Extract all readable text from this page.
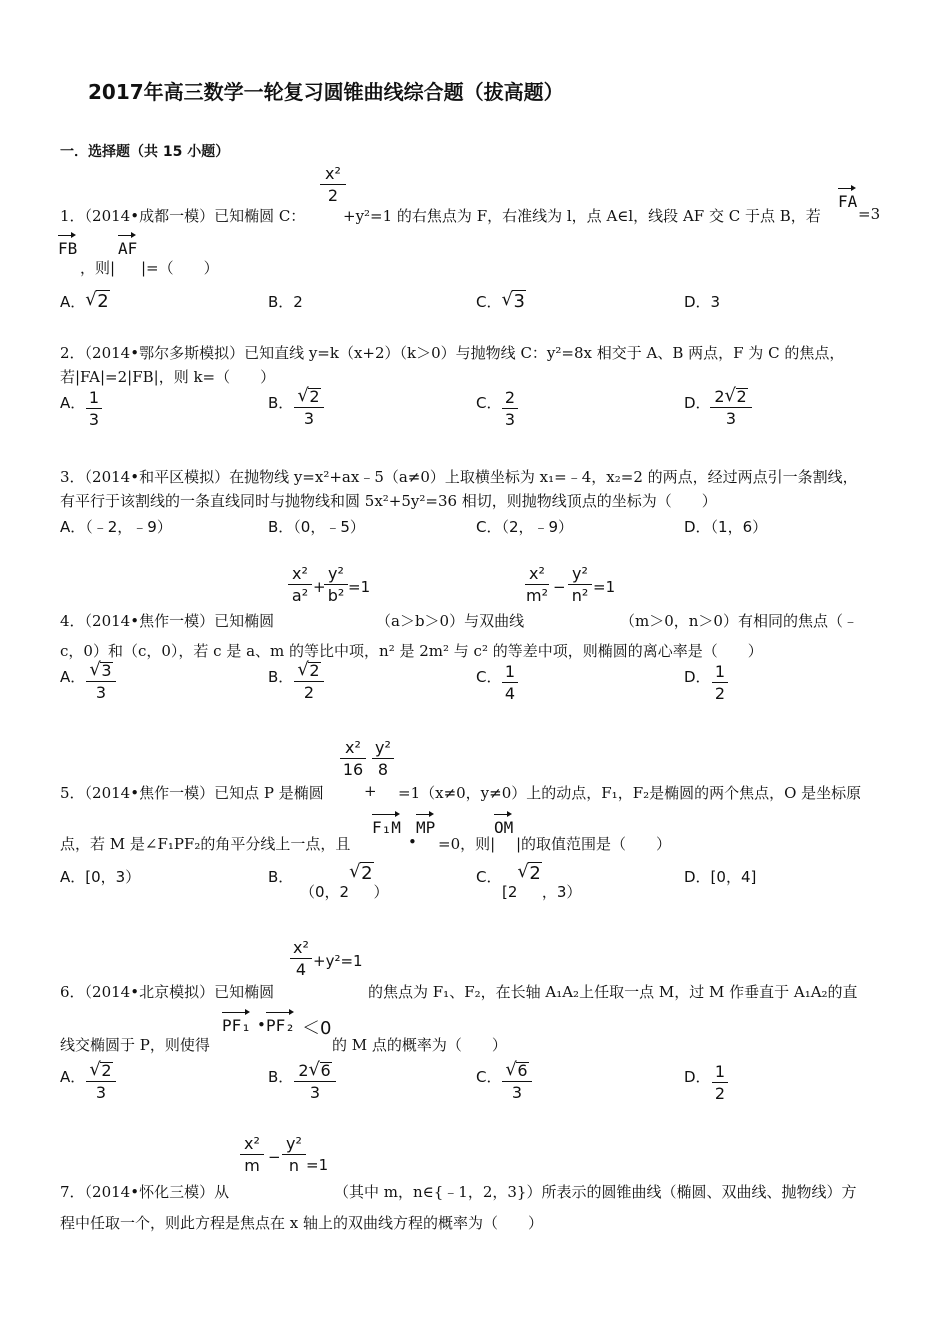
2017年高三数学一轮复习圆锥曲线综合题（拔高题）
一．选择题（共 15 小题）
$\frac{\text{x²}}{2}$
1．（2014•成都一模）已知椭圆 C：	+y²=1 的右焦点为 F，右准线为 l，点 A∈l，线段 AF 交 C 于点 B，若
FA
=3
FB
，则|
AF
|=（　　）
A． √ 2	B．2	C． √ 3	D．3
2．（2014•鄂尔多斯模拟）已知直线 y=k（x+2）（k＞0）与抛物线 C：y²=8x 相交于 A、B 两点，F 为 C 的焦点，
若|FA|=2|FB|，则 k=（　　）
A． $\frac{1}{3}$	B． √ $\frac{2}{3}$	C． $\frac{2}{3}$	D． $\frac{2 √ 2}{3}$
3．（2014•和平区模拟）在抛物线 y=x²+ax﹣5（a≠0）上取横坐标为 x₁=﹣4，x₂=2 的两点，经过两点引一条割线，
有平行于该割线的一条直线同时与抛物线和圆 5x²+5y²=36 相切，则抛物线顶点的坐标为（　　）
A．（﹣2，﹣9）	B．（0，﹣5）	C．（2，﹣9）	D．（1，6）
$\frac{\text{x²}}{\text{a²}}$ +
$\frac{\text{y²}}{\text{b²}} =1$	$\frac{\text{x²}}{\text{m²}} - \frac{\text{y²}}{\text{n²}} =1$
4．（2014•焦作一模）已知椭圆	（a＞b＞0）与双曲线	（m＞0，n＞0）有相同的焦点（﹣
c，0）和（c，0），若 c 是 a、m 的等比中项，n² 是 2m² 与 c² 的等差中项，则椭圆的离心率是（　　）
A． √ $\frac{3}{3}$	B． √ $\frac{2}{2}$	C． $\frac{1}{4}$	D． $\frac{1}{2}$
$\frac{\text{x²}}{16} \frac{\text{y²}}{8}$
5．（2014•焦作一模）已知点 P 是椭圆	+ =1（x≠0，y≠0）上的动点，F₁，F₂是椭圆的两个焦点，O 是坐标原
点，若 M 是∠F₁PF₂的角平分线上一点，且
F₁M
•
MP
=0，则|
OM
|的取值范围是（　　）
A．[0，3）	B．
（0，2√ 2）
C．
[2√ 2，3）
D．[0，4]
$\frac{\text{x²}}{4} +y^2=1$
6．（2014•北京模拟）已知椭圆	的焦点为 F₁、F₂，在长轴 A₁A₂上任取一点 M，过 M 作垂直于 A₁A₂的直
线交椭圆于 P，则使得
PF₁ • PF₂ ＜0
的 M 点的概率为（　　）
A． √ $\frac{2}{3}$	B． $\frac{2 √ 6}{3}$	C． √ $\frac{6}{3}$	D． $\frac{1}{2}$
$\frac{\text{x²}}{m} - \frac{\text{y²}}{n} =1$
7．（2014•怀化三模）从	（其中 m，n∈{﹣1，2，3}）所表示的圆锥曲线（椭圆、双曲线、抛物线）方
程中任取一个，则此方程是焦点在 x 轴上的双曲线方程的概率为（　　）
